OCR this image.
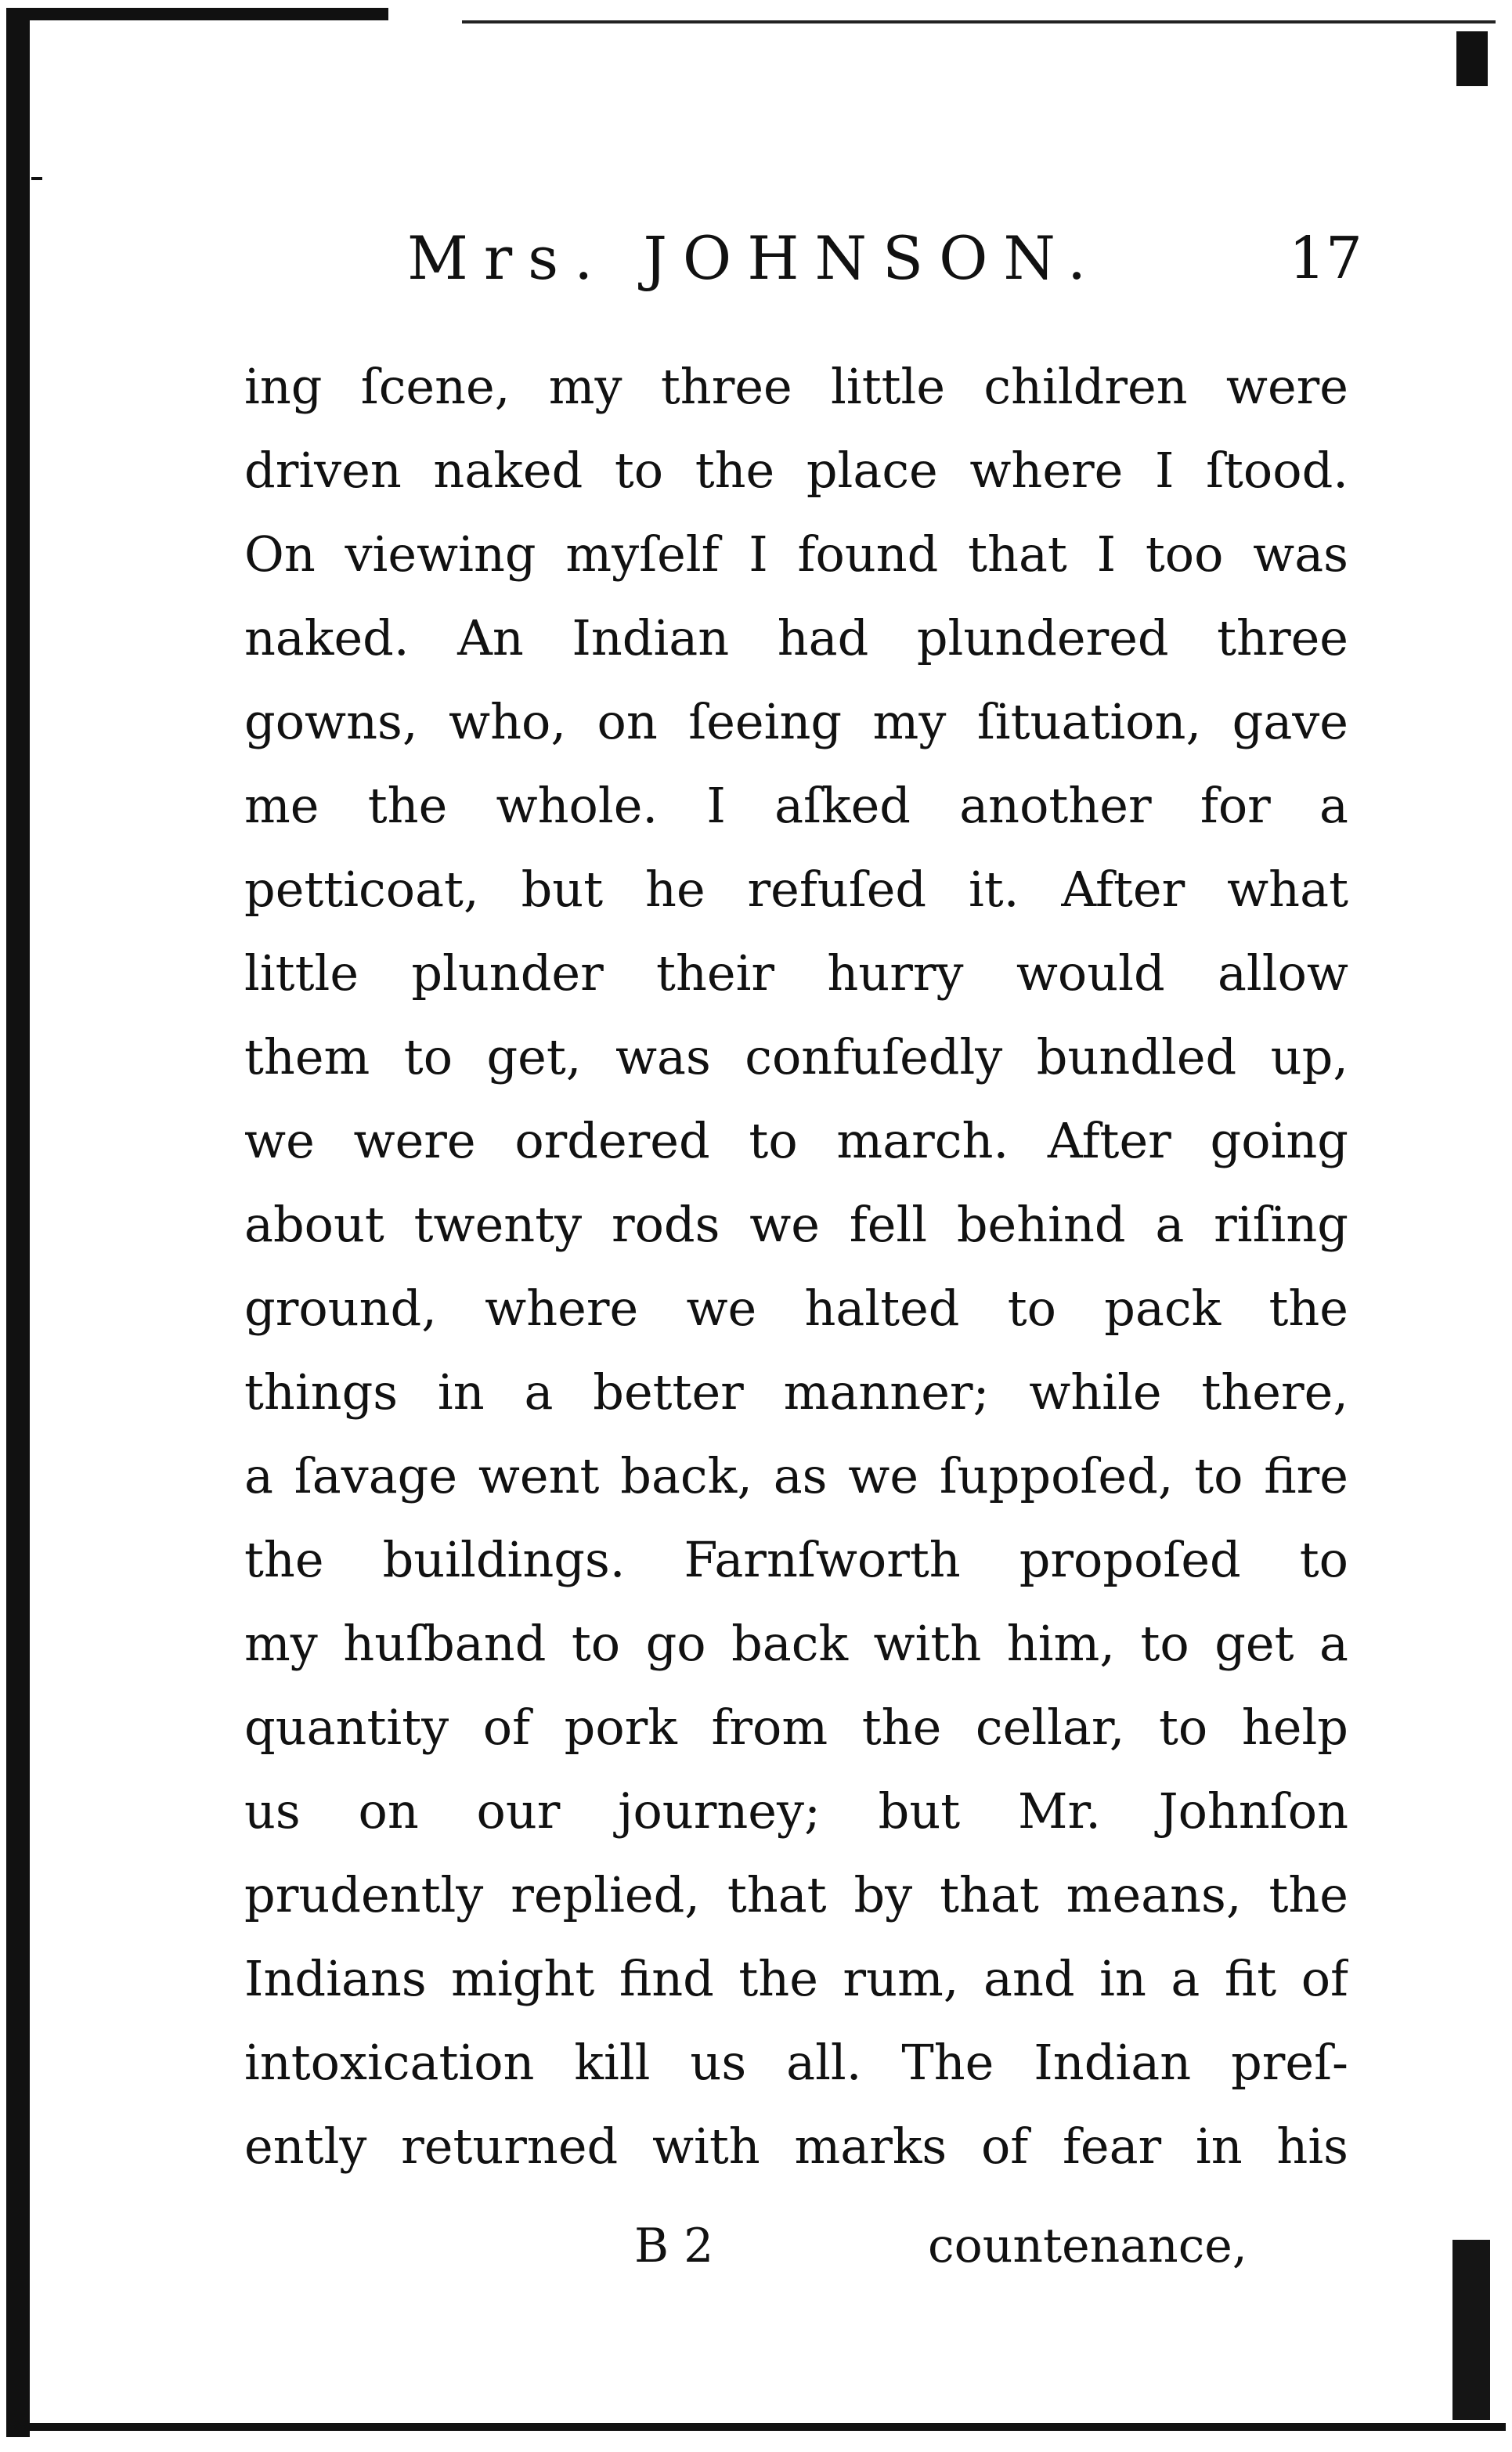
Mrs. JOHNSON.	17
ing ſcene, my three little children were
driven naked to the place where I ſtood.
On viewing myſelf I found that I too was
naked. An Indian had plundered three
gowns, who, on ſeeing my ſituation, gave
me the whole. I aſked another for a
petticoat, but he refuſed it. After what
little plunder their hurry would allow
them to get, was confuſedly bundled up,
we were ordered to march. After going
about twenty rods we fell behind a riſing
ground, where we halted to pack the
things in a better manner; while there,
a ſavage went back, as we ſuppoſed, to fire
the buildings. Farnſworth propoſed to
my huſband to go back with him, to get a
quantity of pork from the cellar, to help
us on our journey; but Mr. Johnſon
prudently replied, that by that means, the
Indians might find the rum, and in a fit of
intoxication kill us all. The Indian preſ-
ently returned with marks of fear in his
B 2	countenance,
